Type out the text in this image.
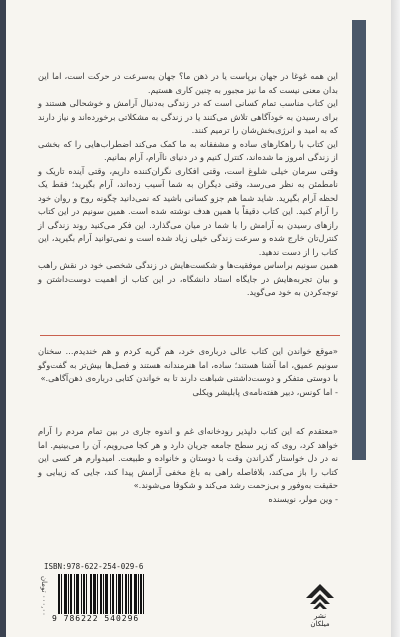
این همه غوغا در جهان برپاست یا در ذهن ما؟ جهان به‌سرعت در حرکت است، اما این بدان معنی نیست که ما نیز مجبور به چنین کاری هستیم.

این کتاب مناسب تمام کسانی است که در زندگی به‌دنبال آرامش و خوشحالی هستند و برای رسیدن به خودآگاهی تلاش می‌کنند یا در زندگی به مشکلاتی برخورده‌اند و نیاز دارند که به امید و انرژی‌بخش‌شان را ترمیم کنند.

این کتاب با راهکارهای ساده و مشفقانه به ما کمک می‌کند اضطراب‌هایی را که بخشی از زندگی امروز ما شده‌اند، کنترل کنیم و در دنیای ناآرام، آرام بمانیم.

وقتی سرمان خیلی شلوغ است، وقتی افکاری نگران‌کننده داریم، وقتی آینده تاریک و نامطمئن به نظر می‌رسد، وقتی دیگران به شما آسیب زده‌اند، آرام بگیرید؛ فقط یک لحظه آرام بگیرید. شاید شما هم جزو کسانی باشید که نمی‌دانید چگونه روح و روان خود را آرام کنید. این کتاب دقیقاً با همین هدف نوشته شده است. همین سونیم در این کتاب رازهای رسیدن به آرامش را با شما در میان می‌گذارد. این فکر می‌کنید روند زندگی از کنترل‌تان خارج شده و سرعت زندگی خیلی زیاد شده است و نمی‌توانید آرام بگیرید، این کتاب را از دست ندهید.

همین سونیم براساس موفقیت‌ها و شکست‌هایش در زندگی شخصی خود در نقش راهب و بیان تجربه‌هایش در جایگاه استاد دانشگاه، در این کتاب از اهمیت دوست‌داشتن و توجه‌کردن به خود می‌گوید.

«موقع خواندن این کتاب عالی درباره‌ی خرد، هم گریه کردم و هم خندیدم... سخنان سونیم عمیق، اما آشنا هستند؛ ساده، اما هنرمندانه هستند و فصل‌ها بیش‌تر به گفت‌وگو با دوستی متفکر و دوست‌داشتنی شباهت دارند تا به خواندن کتابی درباره‌ی ذهن‌آگاهی.»

- اما کونس، دبیر هفته‌نامه‌ی پابلیشر ویکلی

«معتقدم که این کتاب دلپذیر رودخانه‌ای غم و اندوه جاری در بین تمام مردم را آرام خواهد کرد، روی که زیر سطح جامعه جریان دارد و هر کجا می‌رویم، آن را می‌بینیم. اما نه در دل خواستار گذراندن وقت با دوستان و خانواده و طبیعت. امیدوارم هر کسی این کتاب را باز می‌کند، بلافاصله راهی به باغ مخفی آرامش پیدا کند، جایی که زیبایی و حقیقت به‌وفور و بی‌زحمت رشد می‌کند و شکوفا می‌شوند.»

- وین مولر، نویسنده

ISBN:978-622-254-029-6
۰۰۰,۰۰ تومان
9 786222 540296	نشر میلکان
